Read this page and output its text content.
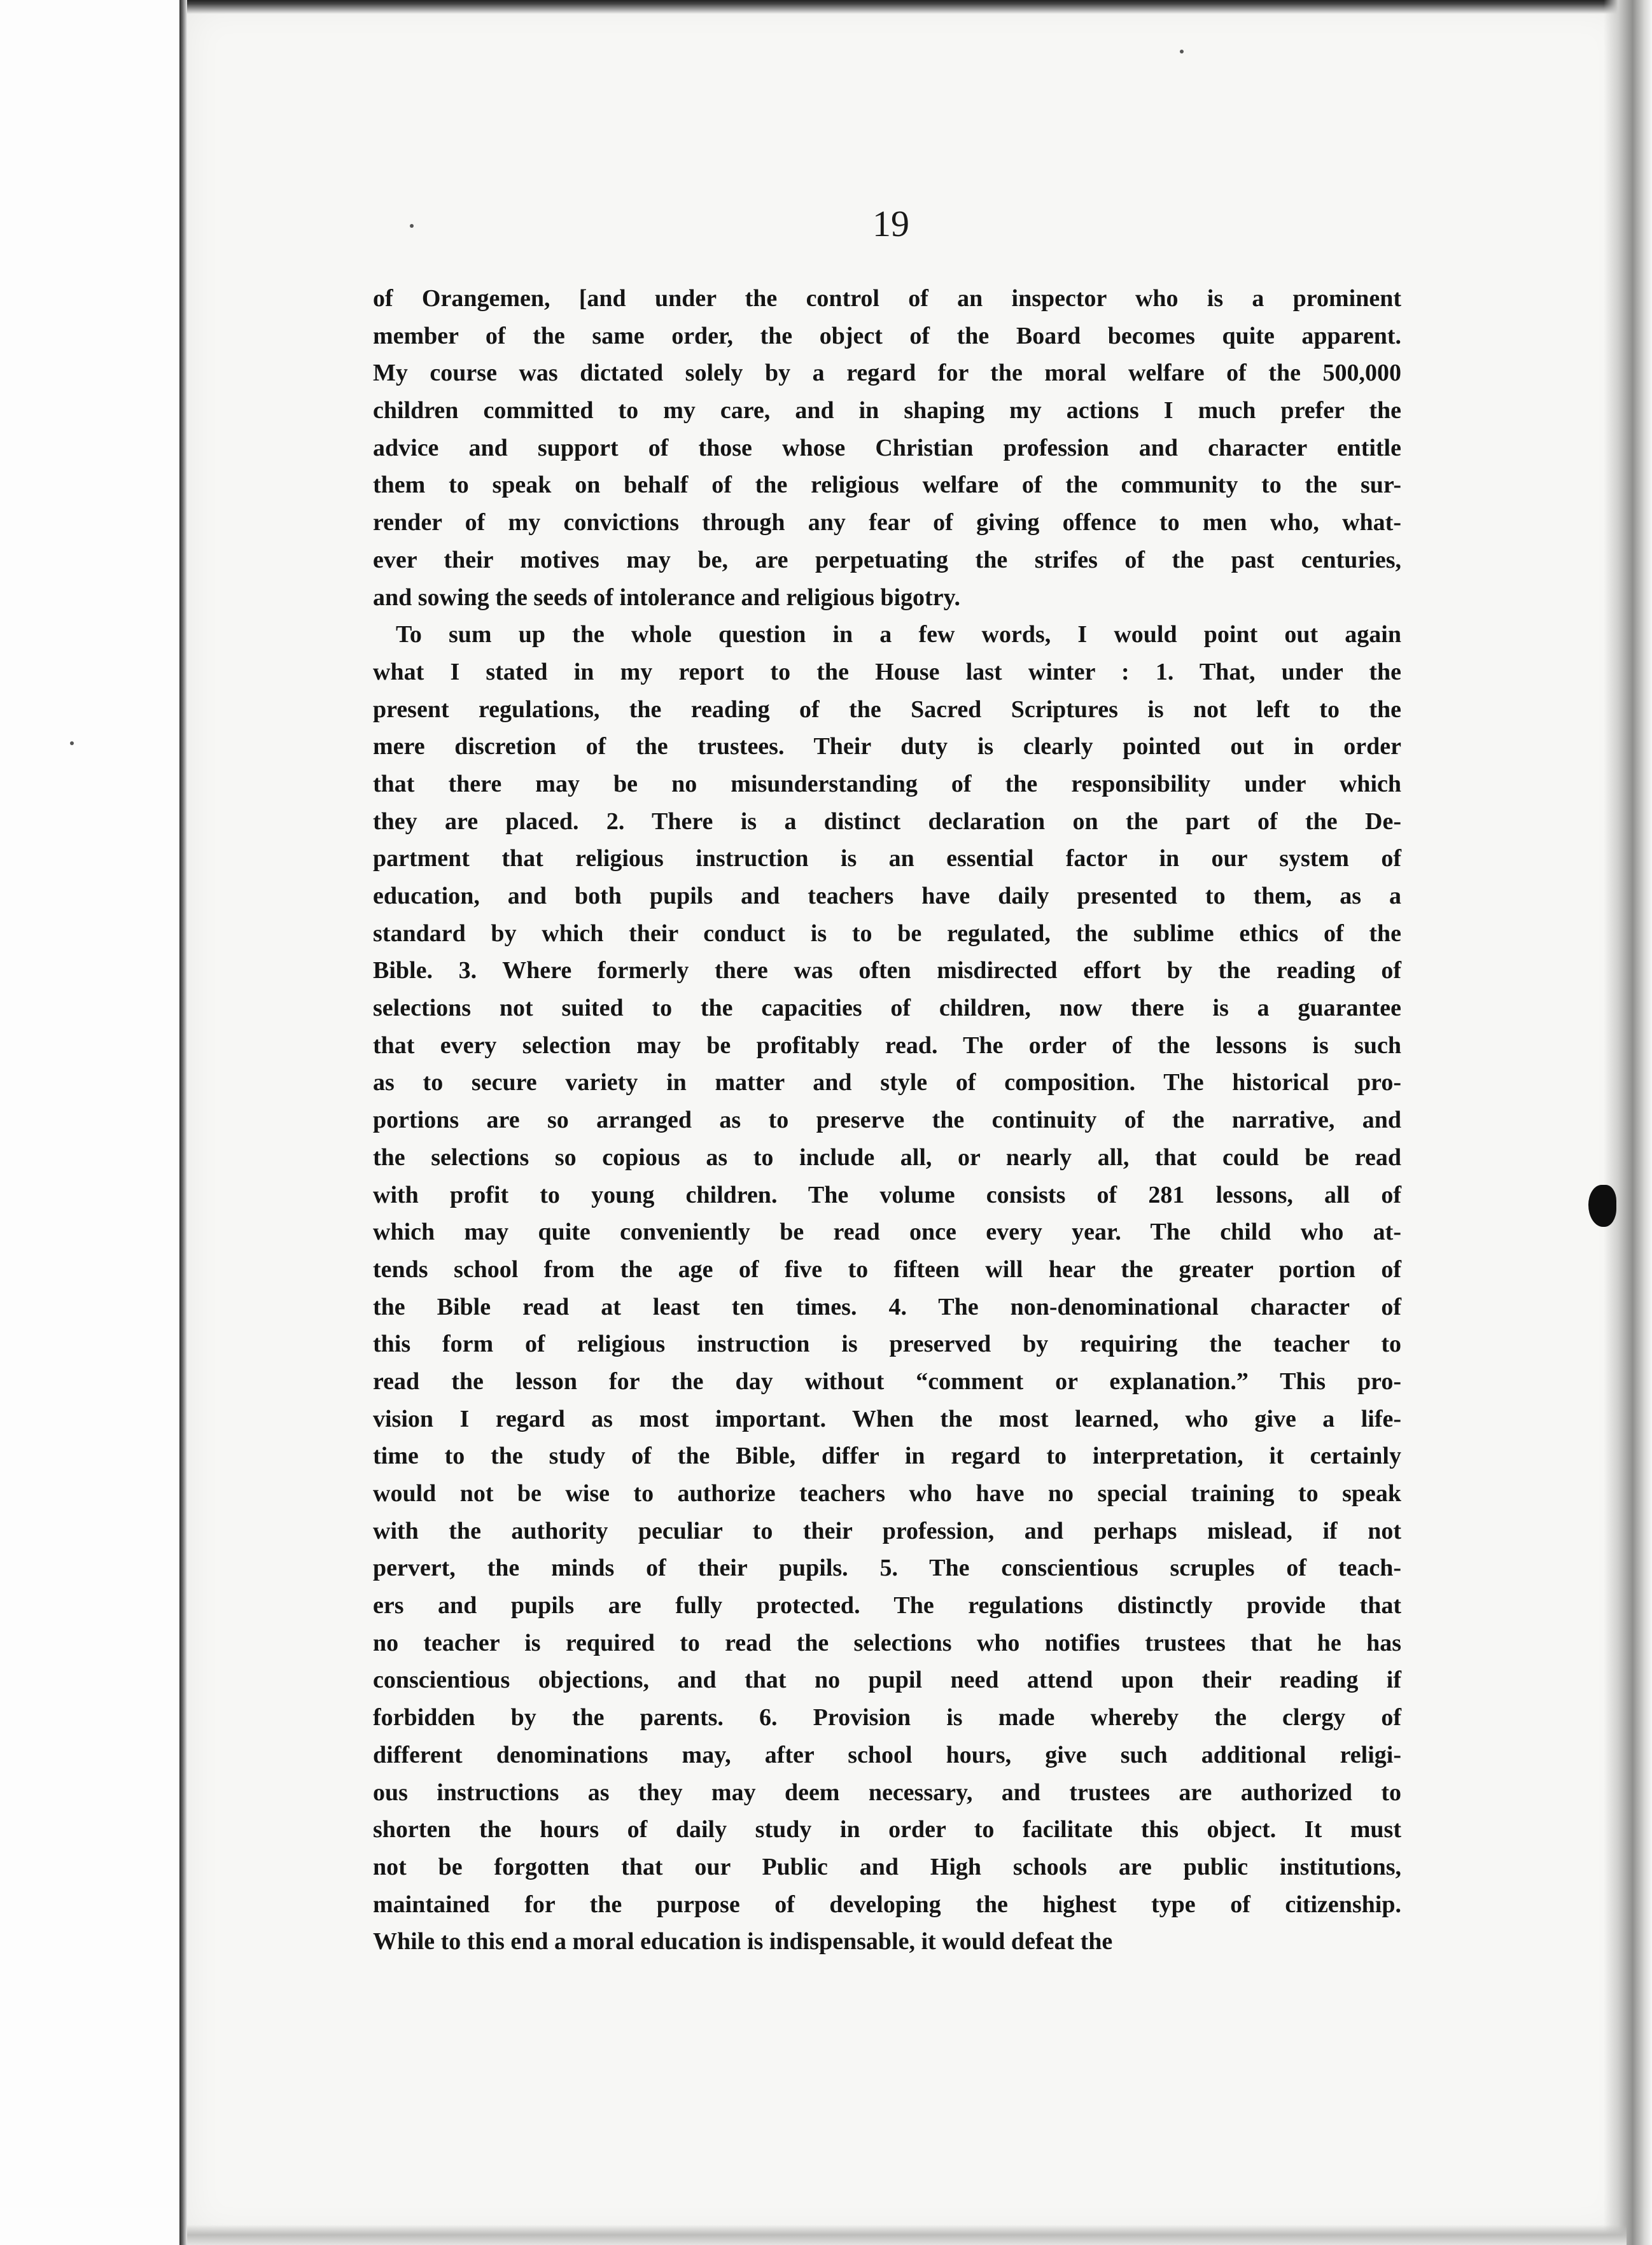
19
of Orangemen, [and under the control of an inspector who is a prominent
member of the same order, the object of the Board becomes quite apparent.
My course was dictated solely by a regard for the moral welfare of the 500,000
children committed to my care, and in shaping my actions I much prefer the
advice and support of those whose Christian profession and character entitle
them to speak on behalf of the religious welfare of the community to the sur-
render of my convictions through any fear of giving offence to men who, what-
ever their motives may be, are perpetuating the strifes of the past centuries,
and sowing the seeds of intolerance and religious bigotry.
To sum up the whole question in a few words, I would point out again
what I stated in my report to the House last winter : 1. That, under the
present regulations, the reading of the Sacred Scriptures is not left to the
mere discretion of the trustees. Their duty is clearly pointed out in order
that there may be no misunderstanding of the responsibility under which
they are placed. 2. There is a distinct declaration on the part of the De-
partment that religious instruction is an essential factor in our system of
education, and both pupils and teachers have daily presented to them, as a
standard by which their conduct is to be regulated, the sublime ethics of the
Bible. 3. Where formerly there was often misdirected effort by the reading of
selections not suited to the capacities of children, now there is a guarantee
that every selection may be profitably read. The order of the lessons is such
as to secure variety in matter and style of composition. The historical pro-
portions are so arranged as to preserve the continuity of the narrative, and
the selections so copious as to include all, or nearly all, that could be read
with profit to young children. The volume consists of 281 lessons, all of
which may quite conveniently be read once every year. The child who at-
tends school from the age of five to fifteen will hear the greater portion of
the Bible read at least ten times. 4. The non-denominational character of
this form of religious instruction is preserved by requiring the teacher to
read the lesson for the day without “comment or explanation.” This pro-
vision I regard as most important. When the most learned, who give a life-
time to the study of the Bible, differ in regard to interpretation, it certainly
would not be wise to authorize teachers who have no special training to speak
with the authority peculiar to their profession, and perhaps mislead, if not
pervert, the minds of their pupils. 5. The conscientious scruples of teach-
ers and pupils are fully protected. The regulations distinctly provide that
no teacher is required to read the selections who notifies trustees that he has
conscientious objections, and that no pupil need attend upon their reading if
forbidden by the parents. 6. Provision is made whereby the clergy of
different denominations may, after school hours, give such additional religi-
ous instructions as they may deem necessary, and trustees are authorized to
shorten the hours of daily study in order to facilitate this object. It must
not be forgotten that our Public and High schools are public institutions,
maintained for the purpose of developing the highest type of citizenship.
While to this end a moral education is indispensable, it would defeat the
